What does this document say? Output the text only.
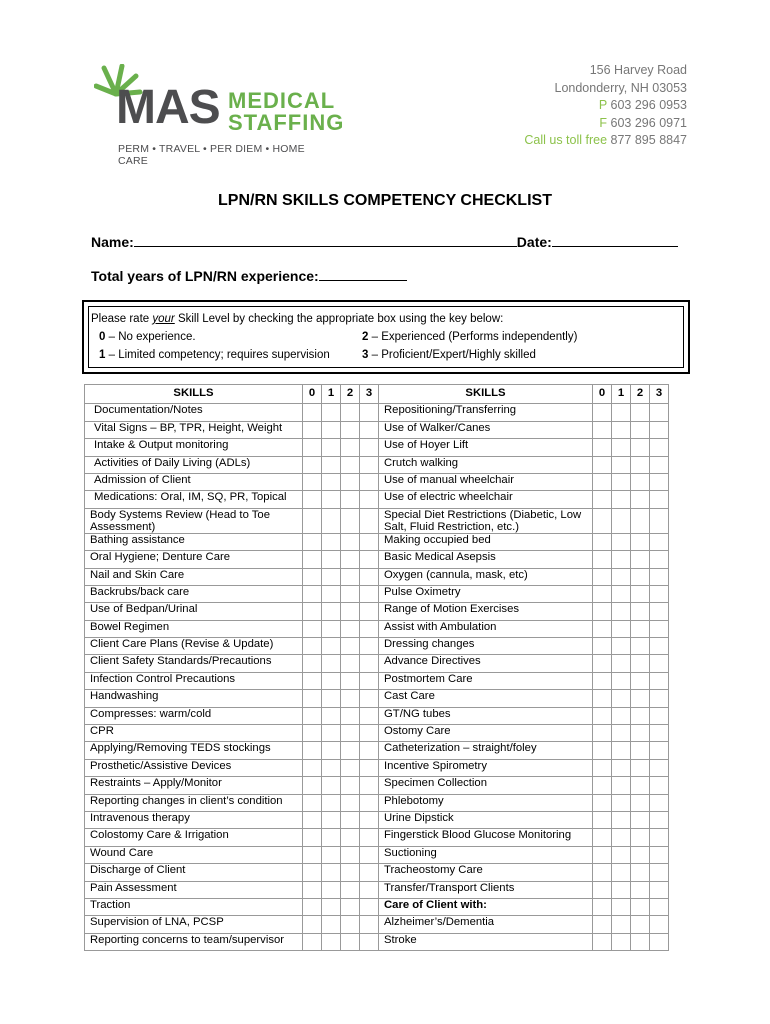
MAS MEDICAL
STAFFING
PERM • TRAVEL • PER DIEM • HOME CARE
156 Harvey Road
Londonderry, NH 03053
P 603 296 0953
F 603 296 0971
Call us toll free 877 895 8847
LPN/RN SKILLS COMPETENCY CHECKLIST
Name:	Date:
Total years of LPN/RN experience:
Please rate your Skill Level by checking the appropriate box using the key below:
0 – No experience.	2 – Experienced (Performs independently)
1 – Limited competency; requires supervision	3 – Proficient/Expert/Highly skilled
SKILLS	0	1	2	3	SKILLS	0	1	2	3
Documentation/Notes					Repositioning/Transferring				
Vital Signs – BP, TPR, Height, Weight					Use of Walker/Canes				
Intake & Output monitoring					Use of Hoyer Lift				
Activities of Daily Living (ADLs)					Crutch walking				
Admission of Client					Use of manual wheelchair				
Medications: Oral, IM, SQ, PR, Topical					Use of electric wheelchair				
Body Systems Review (Head to Toe Assessment)					Special Diet Restrictions (Diabetic, Low Salt, Fluid Restriction, etc.)				
Bathing assistance					Making occupied bed				
Oral Hygiene; Denture Care					Basic Medical Asepsis				
Nail and Skin Care					Oxygen (cannula, mask, etc)				
Backrubs/back care					Pulse Oximetry				
Use of Bedpan/Urinal					Range of Motion Exercises				
Bowel Regimen					Assist with Ambulation				
Client Care Plans (Revise & Update)					Dressing changes				
Client Safety Standards/Precautions					Advance Directives				
Infection Control Precautions					Postmortem Care				
Handwashing					Cast Care				
Compresses: warm/cold					GT/NG tubes				
CPR					Ostomy Care				
Applying/Removing TEDS stockings					Catheterization – straight/foley				
Prosthetic/Assistive Devices					Incentive Spirometry				
Restraints – Apply/Monitor					Specimen Collection				
Reporting changes in client’s condition					Phlebotomy				
Intravenous therapy					Urine Dipstick				
Colostomy Care & Irrigation					Fingerstick Blood Glucose Monitoring				
Wound Care					Suctioning				
Discharge of Client					Tracheostomy Care				
Pain Assessment					Transfer/Transport Clients				
Traction					Care of Client with:				
Supervision of LNA, PCSP					Alzheimer’s/Dementia				
Reporting concerns to team/supervisor					Stroke				
